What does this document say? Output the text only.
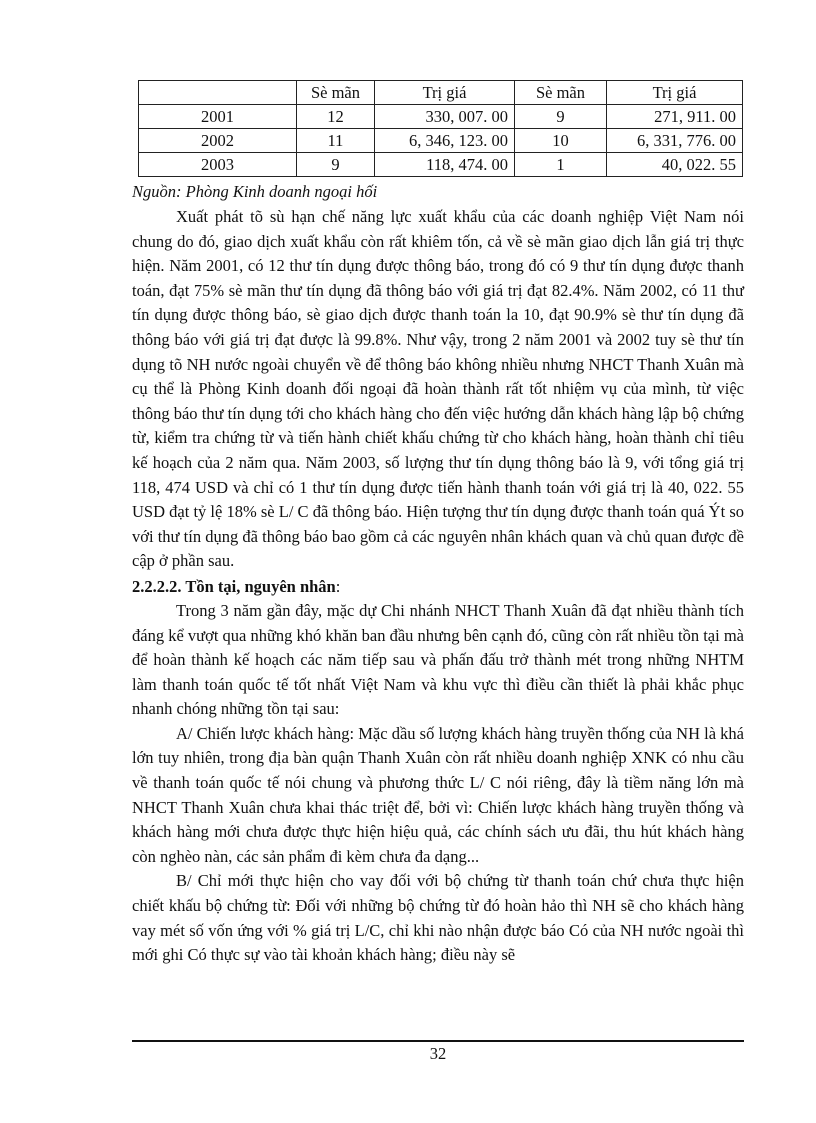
	Sè mãn	Trị giá	Sè mãn	Trị giá
2001	12	330, 007. 00	9	271, 911. 00
2002	11	6, 346, 123. 00	10	6, 331, 776. 00
2003	9	118, 474. 00	1	40, 022. 55

Nguồn: Phòng Kinh doanh ngoại hối

Xuất phát tõ sù hạn chế năng lực xuất khẩu của các doanh nghiệp Việt Nam nói chung do đó, giao dịch xuất khẩu còn rất khiêm tốn, cả về sè mãn giao dịch lẫn giá trị thực hiện. Năm 2001, có 12 thư tín dụng được thông báo, trong đó có 9 thư tín dụng được thanh toán, đạt 75% sè mãn thư tín dụng đã thông báo với giá trị đạt 82.4%. Năm 2002, có 11 thư tín dụng được thông báo, sè giao dịch được thanh toán la 10, đạt 90.9% sè thư tín dụng đã thông báo với giá trị đạt được là 99.8%. Như vậy, trong 2 năm 2001 và 2002 tuy sè thư tín dụng tõ NH nước ngoài chuyển về để thông báo không nhiều nhưng NHCT Thanh Xuân mà cụ thể là Phòng Kinh doanh đối ngoại đã hoàn thành rất tốt nhiệm vụ của mình, từ việc thông báo thư tín dụng tới cho khách hàng cho đến việc hướng dẫn khách hàng lập bộ chứng từ, kiểm tra chứng từ và tiến hành chiết khấu chứng từ cho khách hàng, hoàn thành chỉ tiêu kế hoạch của 2 năm qua. Năm 2003, số lượng thư tín dụng thông báo là 9, với tổng giá trị 118, 474 USD và chỉ có 1 thư tín dụng được tiến hành thanh toán với giá trị là 40, 022. 55 USD đạt tỷ lệ 18% sè L/ C đã thông báo. Hiện tượng thư tín dụng được thanh toán quá Ýt so với thư tín dụng đã thông báo bao gồm cả các nguyên nhân khách quan và chủ quan được đề cập ở phần sau.

2.2.2.2. Tồn tại, nguyên nhân:

Trong 3 năm gần đây, mặc dự Chi nhánh NHCT Thanh Xuân đã đạt nhiều thành tích đáng kể vượt qua những khó khăn ban đầu nhưng bên cạnh đó, cũng còn rất nhiều tồn tại mà để hoàn thành kế hoạch các năm tiếp sau và phấn đấu trở thành mét trong những NHTM làm thanh toán quốc tế tốt nhất Việt Nam và khu vực thì điều cần thiết là phải khắc phục nhanh chóng những tồn tại sau:

A/ Chiến lược khách hàng: Mặc dầu số lượng khách hàng truyền thống của NH là khá lớn tuy nhiên, trong địa bàn quận Thanh Xuân còn rất nhiều doanh nghiệp XNK có nhu cầu về thanh toán quốc tế nói chung và phương thức L/ C nói riêng, đây là tiềm năng lớn mà NHCT Thanh Xuân chưa khai thác triệt để, bởi vì: Chiến lược khách hàng truyền thống và khách hàng mới chưa được thực hiện hiệu quả, các chính sách ưu đãi, thu hút khách hàng còn nghèo nàn, các sản phẩm đi kèm chưa đa dạng...

B/ Chỉ mới thực hiện cho vay đối với bộ chứng từ thanh toán chứ chưa thực hiện chiết khấu bộ chứng từ: Đối với những bộ chứng từ đó hoàn hảo thì NH sẽ cho khách hàng vay mét số vốn ứng với % giá trị L/C, chỉ khi nào nhận được báo Có của NH nước ngoài thì mới ghi Có thực sự vào tài khoản khách hàng; điều này sẽ

32
